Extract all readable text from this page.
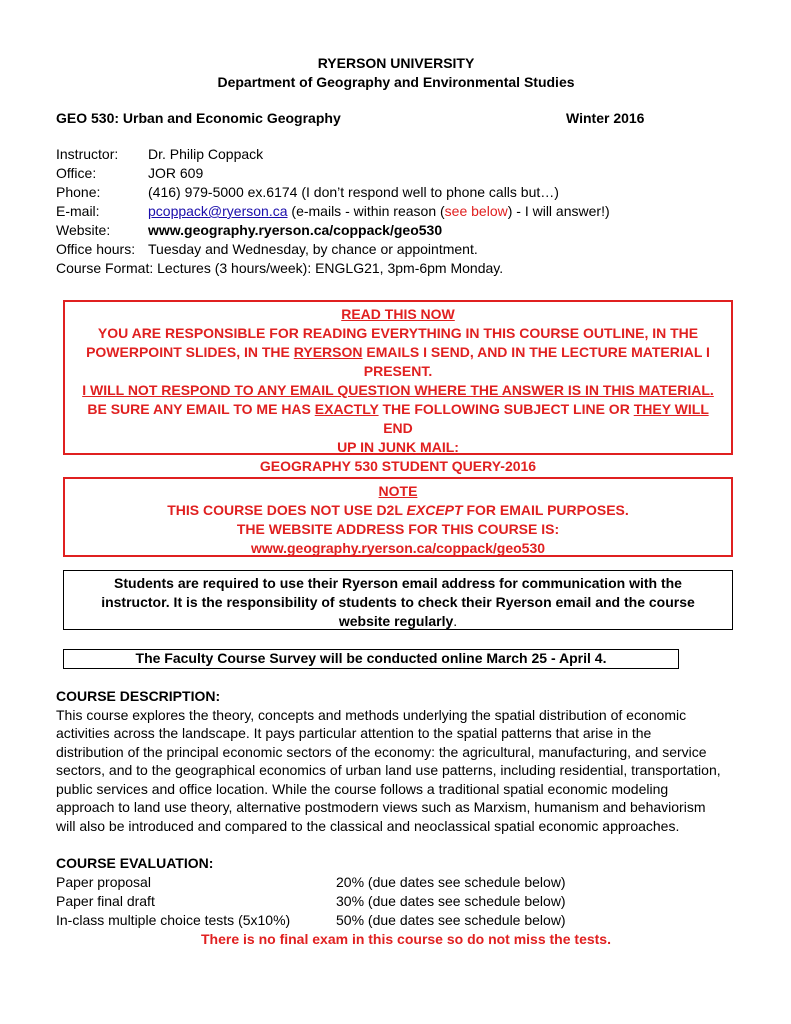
RYERSON UNIVERSITY
Department of Geography and Environmental Studies
GEO 530: Urban and Economic Geography	Winter 2016
Instructor: Dr. Philip Coppack
Office:	JOR 609
Phone:	(416) 979-5000 ex.6174 (I don’t respond well to phone calls but…)
E-mail:	pcoppack@ryerson.ca (e-mails - within reason (see below) - I will answer!)
Website:	www.geography.ryerson.ca/coppack/geo530
Office hours: Tuesday and Wednesday, by chance or appointment.
Course Format: Lectures (3 hours/week): ENGLG21, 3pm-6pm Monday.
READ THIS NOW
YOU ARE RESPONSIBLE FOR READING EVERYTHING IN THIS COURSE OUTLINE, IN THE
POWERPOINT SLIDES, IN THE RYERSON EMAILS I SEND, AND IN THE LECTURE MATERIAL I
PRESENT.
I WILL NOT RESPOND TO ANY EMAIL QUESTION WHERE THE ANSWER IS IN THIS MATERIAL.
BE SURE ANY EMAIL TO ME HAS EXACTLY THE FOLLOWING SUBJECT LINE OR THEY WILL END
UP IN JUNK MAIL:
GEOGRAPHY 530 STUDENT QUERY-2016
NOTE
THIS COURSE DOES NOT USE D2L EXCEPT FOR EMAIL PURPOSES.
THE WEBSITE ADDRESS FOR THIS COURSE IS:
www.geography.ryerson.ca/coppack/geo530
Students are required to use their Ryerson email address for communication with the
instructor. It is the responsibility of students to check their Ryerson email and the course
website regularly.
The Faculty Course Survey will be conducted online March 25 - April 4.
COURSE DESCRIPTION:

This course explores the theory, concepts and methods underlying the spatial distribution of economic

activities across the landscape. It pays particular attention to the spatial patterns that arise in the

distribution of the principal economic sectors of the economy: the agricultural, manufacturing, and service

sectors, and to the geographical economics of urban land use patterns, including residential, transportation,

public services and office location. While the course follows a traditional spatial economic modeling

approach to land use theory, alternative postmodern views such as Marxism, humanism and behaviorism

will also be introduced and compared to the classical and neoclassical spatial economic approaches.

COURSE EVALUATION:
Paper proposal	20% (due dates see schedule below)
Paper final draft	30% (due dates see schedule below)
In-class multiple choice tests (5x10%)	50% (due dates see schedule below)
There is no final exam in this course so do not miss the tests.
